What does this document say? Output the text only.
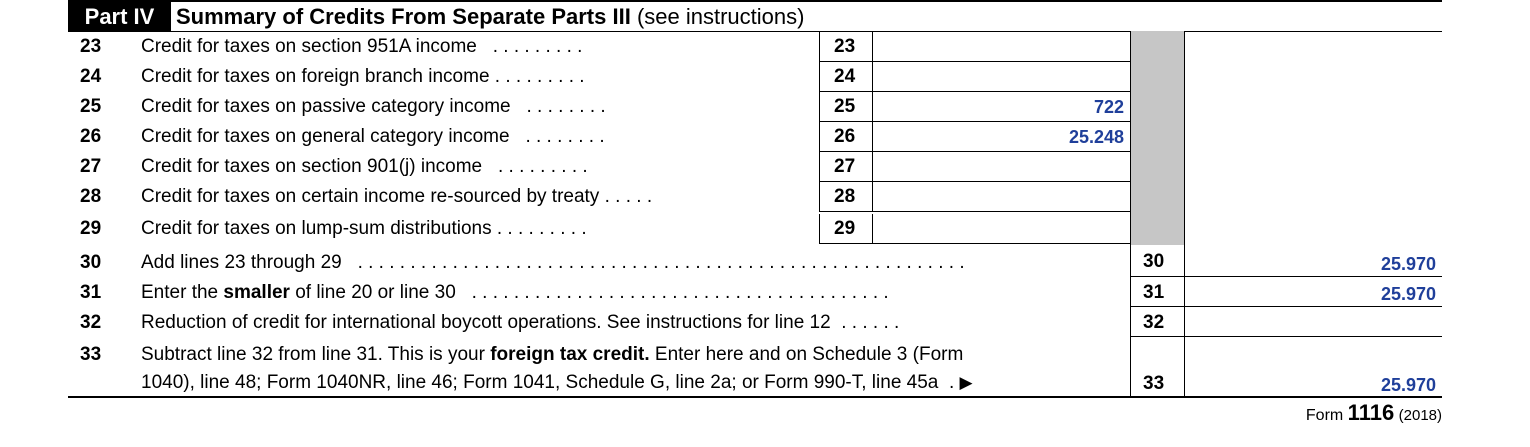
Part IV Summary of Credits From Separate Parts III (see instructions)
23	Credit for taxes on section 951A income . . . . . . . . .	23
24	Credit for taxes on foreign branch income . . . . . . . . .	24
25	Credit for taxes on passive category income . . . . . . . .	25	722
26	Credit for taxes on general category income . . . . . . . .	26	25.248
27	Credit for taxes on section 901(j) income . . . . . . . . .	27
28	Credit for taxes on certain income re-sourced by treaty . . . . .	28
29	Credit for taxes on lump-sum distributions . . . . . . . . .	29
30	Add lines 23 through 29 . . . . . . . . . . . . . . . . . . . . . . . . . . . . . . . . . . . . . . . . . . . . . . . . . . . . . . . . . .	30	25.970
31	Enter the smaller of line 20 or line 30 . . . . . . . . . . . . . . . . . . . . . . . . . . . . . . . . . . . . . . . .	31	25.970
32	Reduction of credit for international boycott operations. See instructions for line 12 . . . . . .	32
33	Subtract line 32 from line 31. This is your foreign tax credit. Enter here and on Schedule 3 (Form
1040), line 48; Form 1040NR, line 46; Form 1041, Schedule G, line 2a; or Form 990-T, line 45a . ▶	33	25.970
Form 1116 (2018)
